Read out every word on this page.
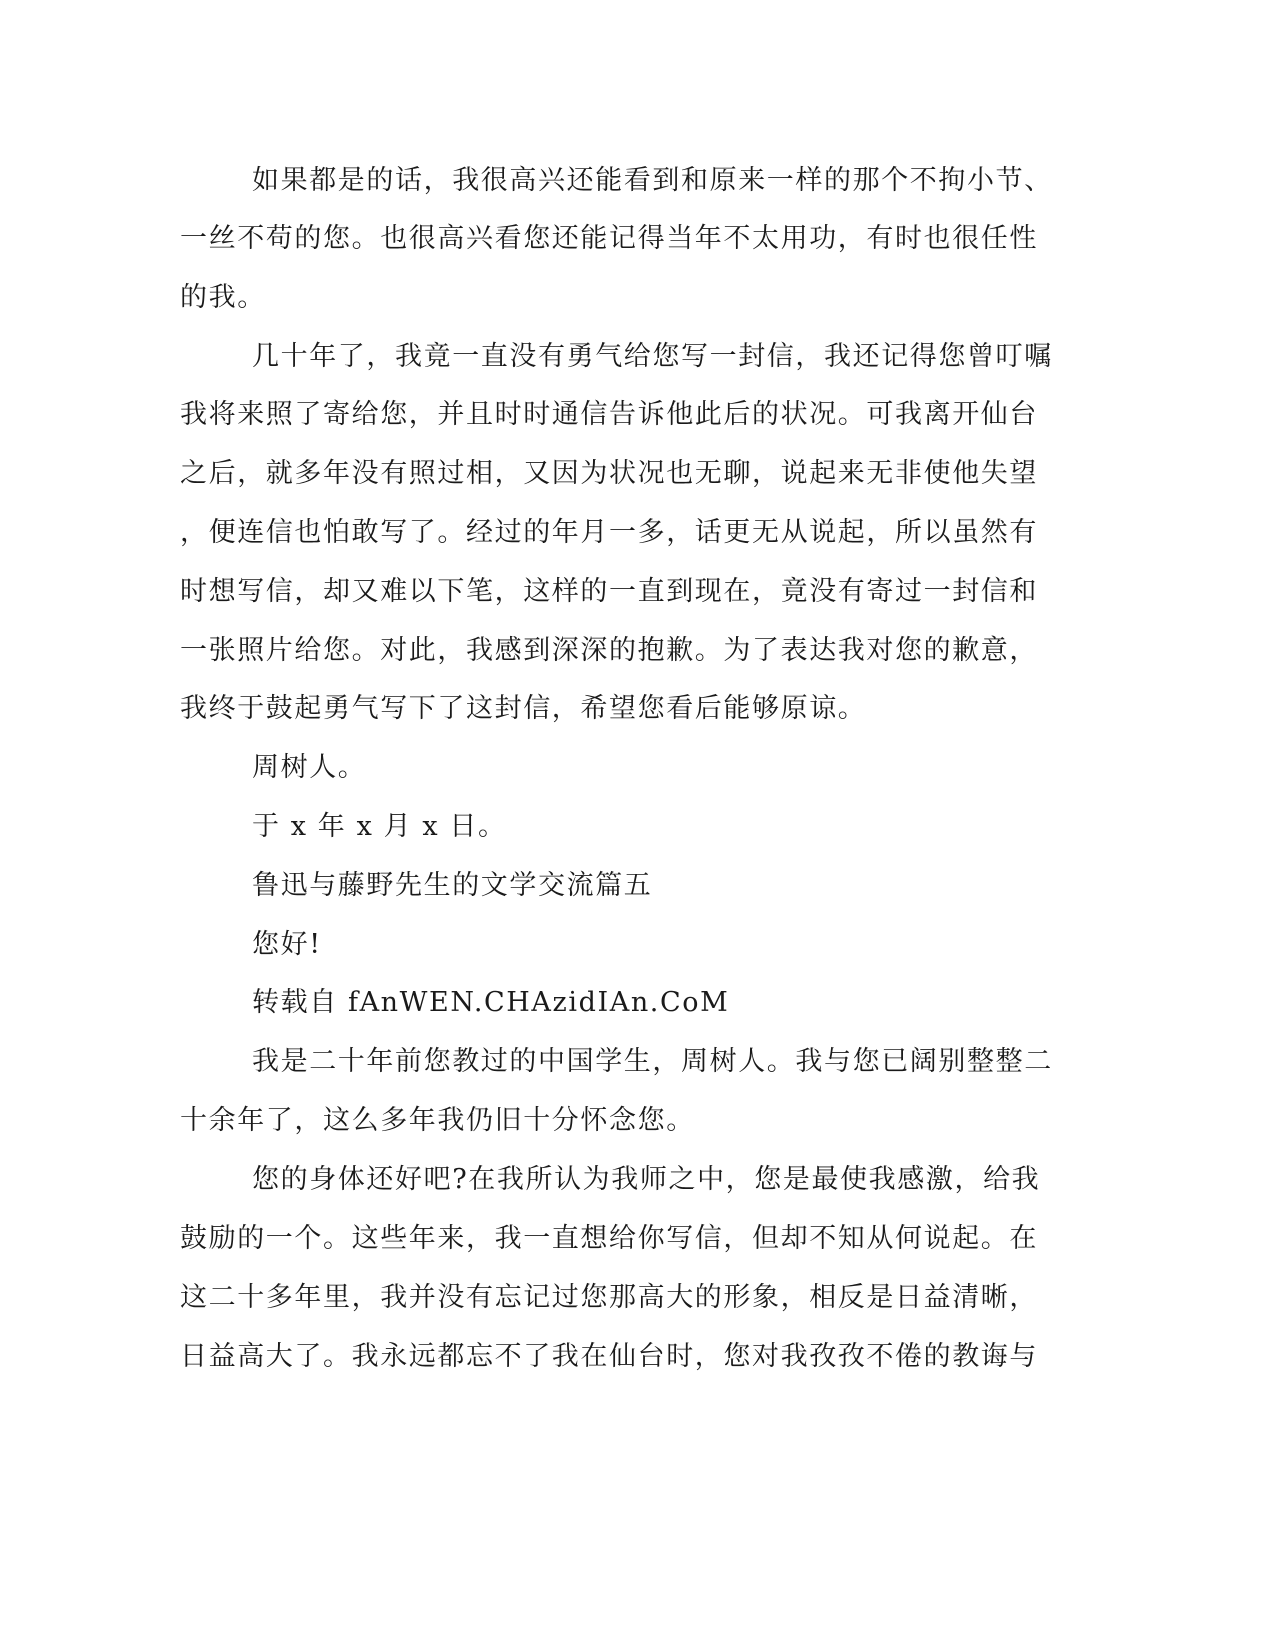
如果都是的话，我很高兴还能看到和原来一样的那个不拘小节、
一丝不苟的您。也很高兴看您还能记得当年不太用功，有时也很任性
的我。
几十年了，我竟一直没有勇气给您写一封信，我还记得您曾叮嘱
我将来照了寄给您，并且时时通信告诉他此后的状况。可我离开仙台
之后，就多年没有照过相，又因为状况也无聊，说起来无非使他失望
，便连信也怕敢写了。经过的年月一多，话更无从说起，所以虽然有
时想写信，却又难以下笔，这样的一直到现在，竟没有寄过一封信和
一张照片给您。对此，我感到深深的抱歉。为了表达我对您的歉意，
我终于鼓起勇气写下了这封信，希望您看后能够原谅。
周树人。
于 x 年 x 月 x 日。
鲁迅与藤野先生的文学交流篇五
您好!
转载自 fAnWEN.CHAzidIAn.CoM
我是二十年前您教过的中国学生，周树人。我与您已阔别整整二
十余年了，这么多年我仍旧十分怀念您。
您的身体还好吧?在我所认为我师之中，您是最使我感激，给我
鼓励的一个。这些年来，我一直想给你写信，但却不知从何说起。在
这二十多年里，我并没有忘记过您那高大的形象，相反是日益清晰，
日益高大了。我永远都忘不了我在仙台时，您对我孜孜不倦的教诲与
